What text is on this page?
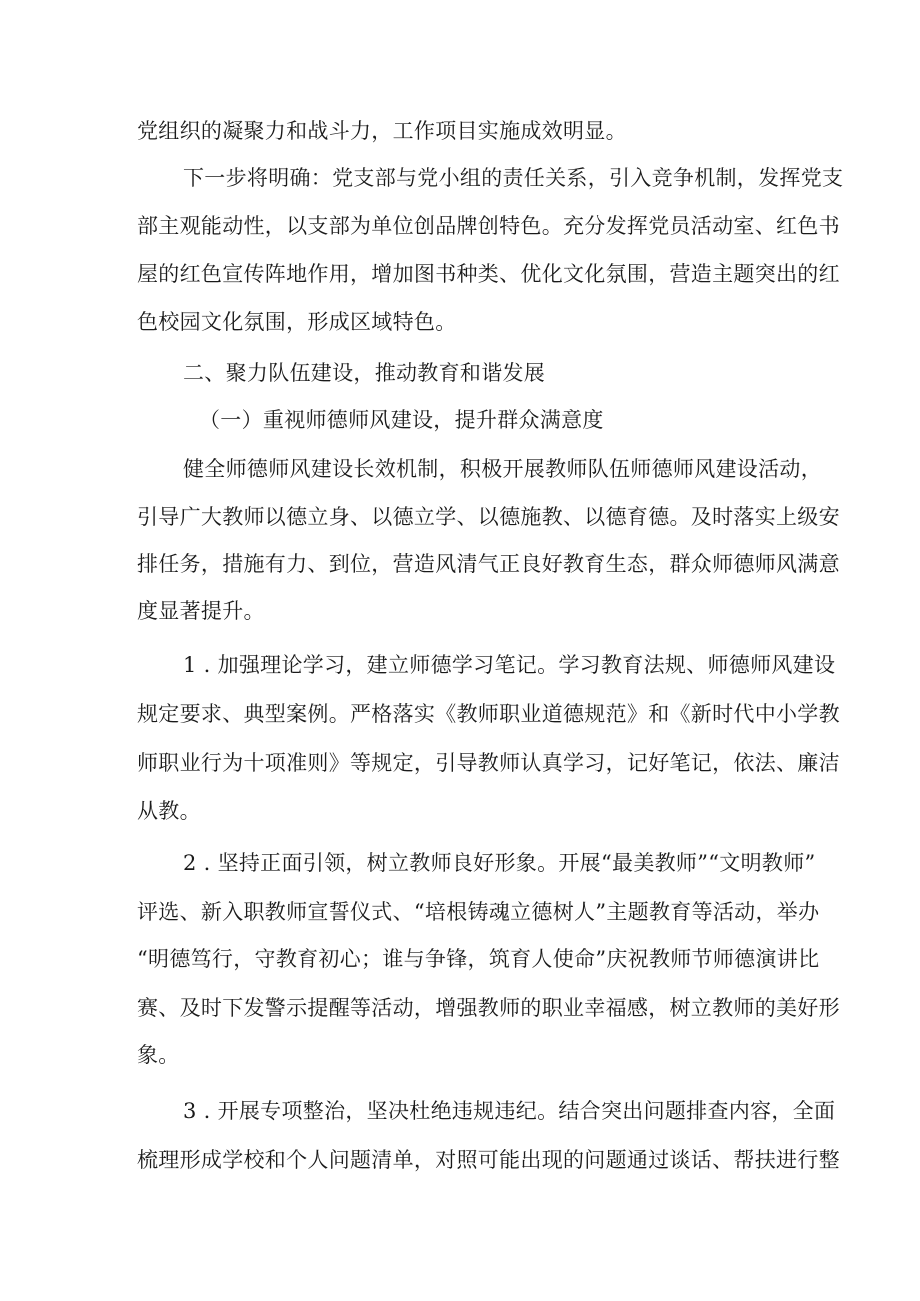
党组织的凝聚力和战斗力，工作项目实施成效明显。
下一步将明确：党支部与党小组的责任关系，引入竞争机制，发挥党支
部主观能动性，以支部为单位创品牌创特色。充分发挥党员活动室、红色书
屋的红色宣传阵地作用，增加图书种类、优化文化氛围，营造主题突出的红
色校园文化氛围，形成区域特色。
二、聚力队伍建设，推动教育和谐发展
（一）重视师德师风建设，提升群众满意度
健全师德师风建设长效机制，积极开展教师队伍师德师风建设活动，
引导广大教师以德立身、以德立学、以德施教、以德育德。及时落实上级安
排任务，措施有力、到位，营造风清气正良好教育生态，群众师德师风满意
度显著提升。
1 . 加强理论学习，建立师德学习笔记。学习教育法规、师德师风建设
规定要求、典型案例。严格落实《教师职业道德规范》和《新时代中小学教
师职业行为十项准则》等规定，引导教师认真学习，记好笔记，依法、廉洁
从教。
2 . 坚持正面引领，树立教师良好形象。开展“最美教师”“文明教师”
评选、新入职教师宣誓仪式、“培根铸魂立德树人”主题教育等活动，举办
“明德笃行，守教育初心；谁与争锋，筑育人使命”庆祝教师节师德演讲比
赛、及时下发警示提醒等活动，增强教师的职业幸福感，树立教师的美好形
象。
3 . 开展专项整治，坚决杜绝违规违纪。结合突出问题排查内容，全面
梳理形成学校和个人问题清单，对照可能出现的问题通过谈话、帮扶进行整
